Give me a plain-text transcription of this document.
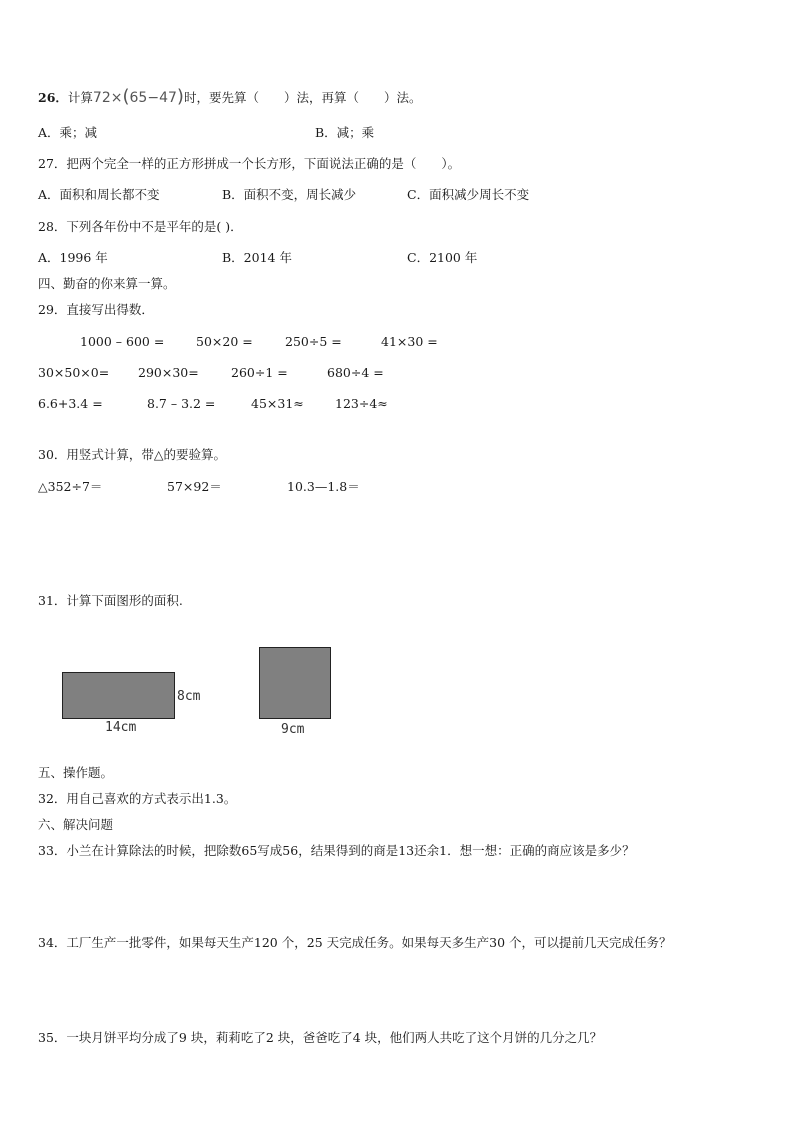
26．计算72×(65−47)时，要先算（　　）法，再算（　　）法。
A．乘；减	B．减；乘
27．把两个完全一样的正方形拼成一个长方形，下面说法正确的是（　　）。
A．面积和周长都不变	B．面积不变，周长减少	C．面积减少周长不变
28．下列各年份中不是平年的是( )．
A．1996 年	B．2014 年	C．2100 年
四、勤奋的你来算一算。
29．直接写出得数．
1000 – 600 =	50×20 =	250÷5 =	41×30 =
30×50×0= 290×30=	260÷1 =	680÷4 =
6.6+3.4 =	8.7 – 3.2 =	45×31≈ 123÷4≈
30．用竖式计算，带△的要验算。
△352÷7＝	57×92＝	10.3—1.8＝
31．计算下面图形的面积.
8cm
14cm	9cm
五、操作题。
32．用自己喜欢的方式表示出1.3。
六、解决问题
33．小兰在计算除法的时候，把除数65写成56，结果得到的商是13还余1．想一想：正确的商应该是多少？
34．工厂生产一批零件，如果每天生产120 个，25 天完成任务。如果每天多生产30 个，可以提前几天完成任务？
35．一块月饼平均分成了9 块，莉莉吃了2 块，爸爸吃了4 块，他们两人共吃了这个月饼的几分之几？
